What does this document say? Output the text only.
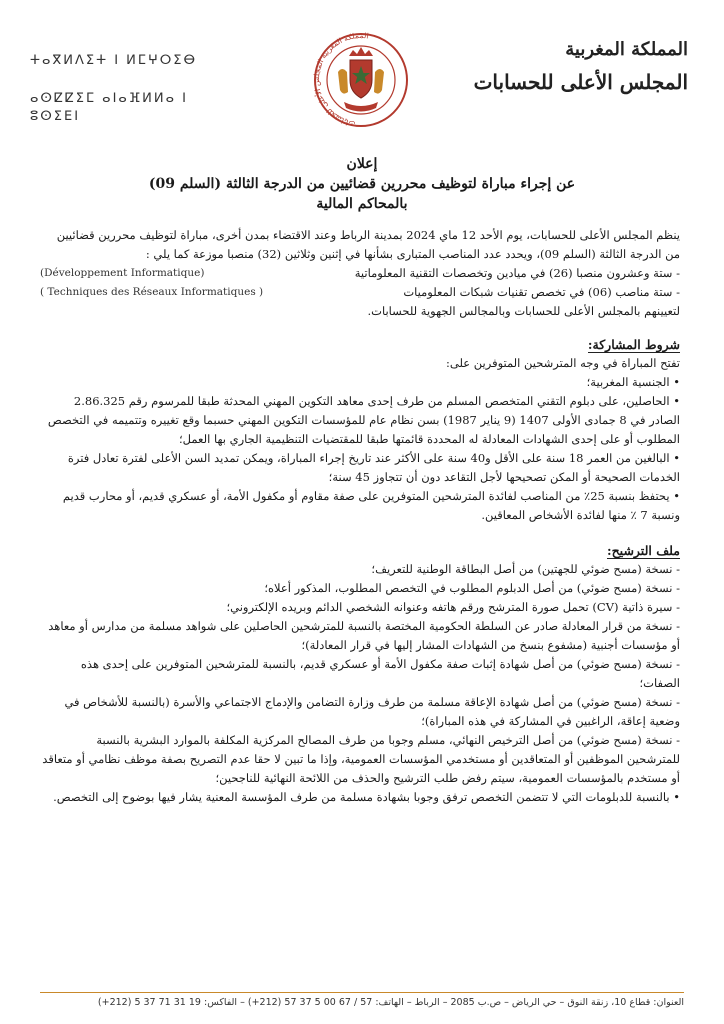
المملكة المغربية
المجلس الأعلى للحسابات
ⵜⴰⴳⵍⴷⵉⵜ ⵏ ⵍⵎⵖⵔⵉⴱ
ⴰⵙⵇⵇⵉⵎ ⴰⵏⴰⴼⵍⵍⴰ ⵏ ⵓⵙⵉⴹⵏ	المملكة المغربية المجلس الأعلى للحسابات
إعلان
عن إجراء مباراة لتوظيف محررين قضائيين من الدرجة الثالثة (السلم 09)
بالمحاكم المالية

ينظم المجلس الأعلى للحسابات، يوم الأحد 12 ماي 2024 بمدينة الرباط وعند الاقتضاء بمدن أخرى، مباراة لتوظيف محررين قضائيين من الدرجة الثالثة (السلم 09)، ويحدد عدد المناصب المتبارى بشأنها في إثنين وثلاثين (32) منصبا موزعة كما يلي :

- ستة وعشرون منصبا (26) في ميادين وتخصصات التقنية المعلوماتية
(Développement Informatique)
- ستة مناصب (06) في تخصص تقنيات شبكات المعلوميات
( Techniques des Réseaux Informatiques )

لتعيينهم بالمجلس الأعلى للحسابات وبالمجالس الجهوية للحسابات.

شروط المشاركة:

تفتح المباراة في وجه المترشحين المتوفرين على:

• الجنسية المغربية؛

• الحاصلين، على دبلوم التقني المتخصص المسلم من طرف إحدى معاهد التكوين المهني المحدثة طبقا للمرسوم رقم 2.86.325 الصادر في 8 جمادى الأولى 1407 (9 يناير 1987) بسن نظام عام للمؤسسات التكوين المهني حسبما وقع تغييره وتتميمه في التخصص المطلوب أو على إحدى الشهادات المعادلة له المحددة قائمتها طبقا للمقتضيات التنظيمية الجاري بها العمل؛

• البالغين من العمر 18 سنة على الأقل و40 سنة على الأكثر عند تاريخ إجراء المباراة، ويمكن تمديد السن الأعلى لفترة تعادل فترة الخدمات الصحيحة أو المكن تصحيحها لأجل التقاعد دون أن تتجاوز 45 سنة؛

• يحتفظ بنسبة 25٪ من المناصب لفائدة المترشحين المتوفرين على صفة مقاوم أو مكفول الأمة، أو عسكري قديم، أو محارب قديم ونسبة 7 ٪ منها لفائدة الأشخاص المعاقين.

ملف الترشيح:

- نسخة (مسح ضوئي للجهتين) من أصل البطاقة الوطنية للتعريف؛

- نسخة (مسح ضوئي) من أصل الدبلوم المطلوب في التخصص المطلوب، المذكور أعلاه؛

- سيرة ذاتية (CV) تحمل صورة المترشح ورقم هاتفه وعنوانه الشخصي الدائم وبريده الإلكتروني؛

- نسخة من قرار المعادلة صادر عن السلطة الحكومية المختصة بالنسبة للمترشحين الحاصلين على شواهد مسلمة من مدارس أو معاهد أو مؤسسات أجنبية (مشفوع بنسخ من الشهادات المشار إليها في قرار المعادلة)؛

- نسخة (مسح ضوئي) من أصل شهادة إثبات صفة مكفول الأمة أو عسكري قديم، بالنسبة للمترشحين المتوفرين على إحدى هذه الصفات؛

- نسخة (مسح ضوئي) من أصل شهادة الإعاقة مسلمة من طرف وزارة التضامن والإدماج الاجتماعي والأسرة (بالنسبة للأشخاص في وضعية إعاقة، الراغبين في المشاركة في هذه المباراة)؛

- نسخة (مسح ضوئي) من أصل الترخيص النهائي، مسلم وجوبا من طرف المصالح المركزية المكلفة بالموارد البشرية بالنسبة للمترشحين الموظفين أو المتعاقدين أو مستخدمي المؤسسات العمومية، وإذا ما تبين لا حقا عدم التصريح بصفة موظف نظامي أو متعاقد أو مستخدم بالمؤسسات العمومية، سيتم رفض طلب الترشيح والحذف من اللائحة النهائية للناجحين؛

• بالنسبة للدبلومات التي لا تتضمن التخصص ترفق وجوبا بشهادة مسلمة من طرف المؤسسة المعنية يشار فيها بوضوح إلى التخصص.

العنوان: قطاع 10، زنقة النوق – حي الرياض – ص.ب 2085 – الرباط – الهاتف: 57 / 67 00 5 37 57 (212+) – الفاكس: 19 31 71 37 5 (212+)
